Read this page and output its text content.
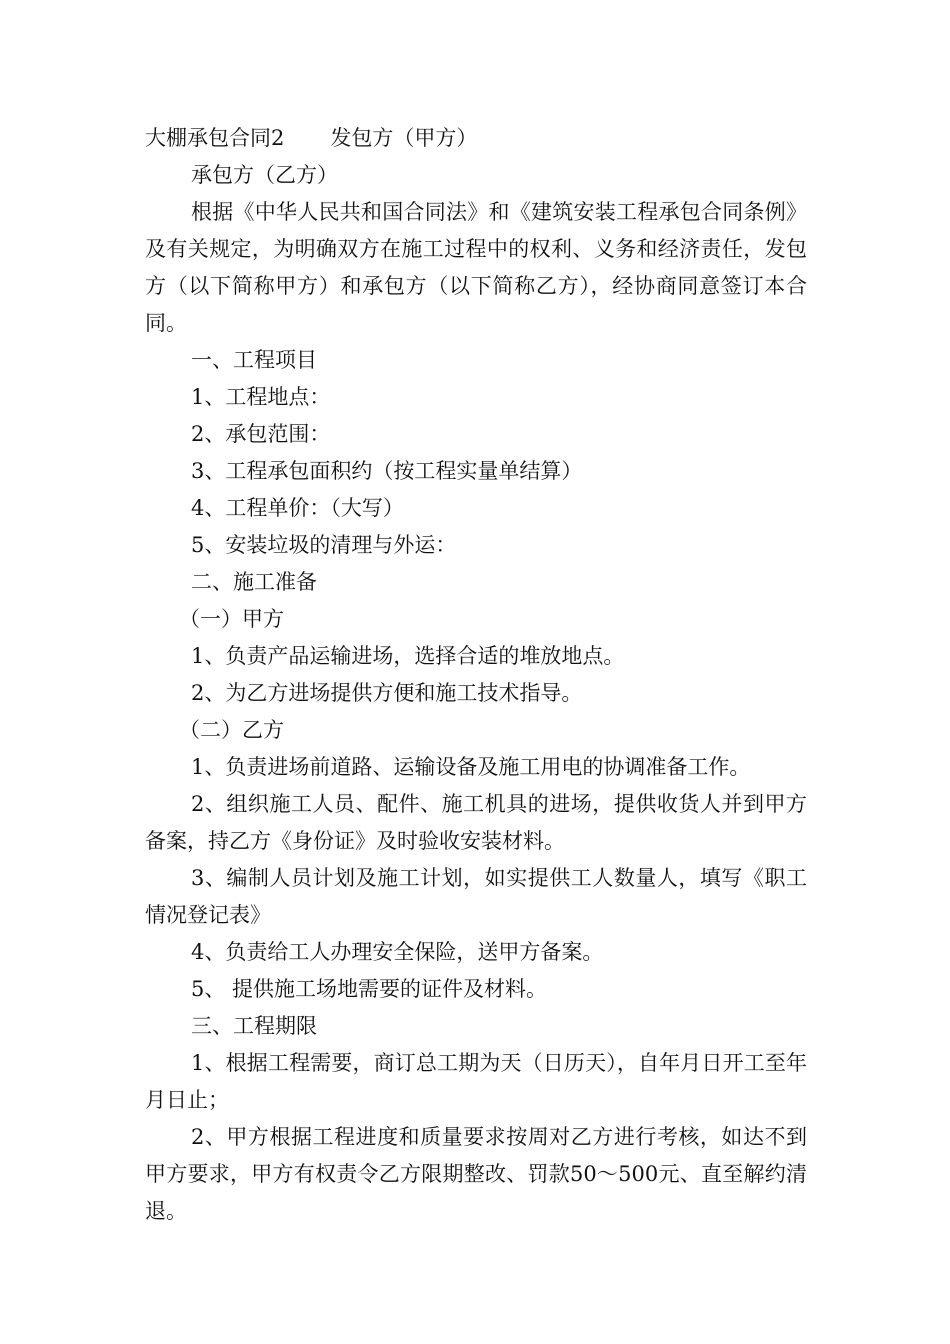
大棚承包合同2 发包方（甲方）

承包方（乙方）

根据《中华人民共和国合同法》和《建筑安装工程承包合同条例》及有关规定，为明确双方在施工过程中的权利、义务和经济责任，发包方（以下简称甲方）和承包方（以下简称乙方），经协商同意签订本合同。

一、工程项目

1、工程地点：

2、承包范围：

3、工程承包面积约（按工程实量单结算）

4、工程单价：（大写）

5、安装垃圾的清理与外运：

二、施工准备

（一）甲方

1、负责产品运输进场，选择合适的堆放地点。

2、为乙方进场提供方便和施工技术指导。

（二）乙方

1、负责进场前道路、运输设备及施工用电的协调准备工作。

2、组织施工人员、配件、施工机具的进场，提供收货人并到甲方备案，持乙方《身份证》及时验收安装材料。

3、编制人员计划及施工计划，如实提供工人数量人，填写《职工情况登记表》

4、负责给工人办理安全保险，送甲方备案。

5、 提供施工场地需要的证件及材料。

三、工程期限

1、根据工程需要，商订总工期为天（日历天），自年月日开工至年月日止；

2、甲方根据工程进度和质量要求按周对乙方进行考核，如达不到甲方要求，甲方有权责令乙方限期整改、罚款50～500元、直至解约清退。
